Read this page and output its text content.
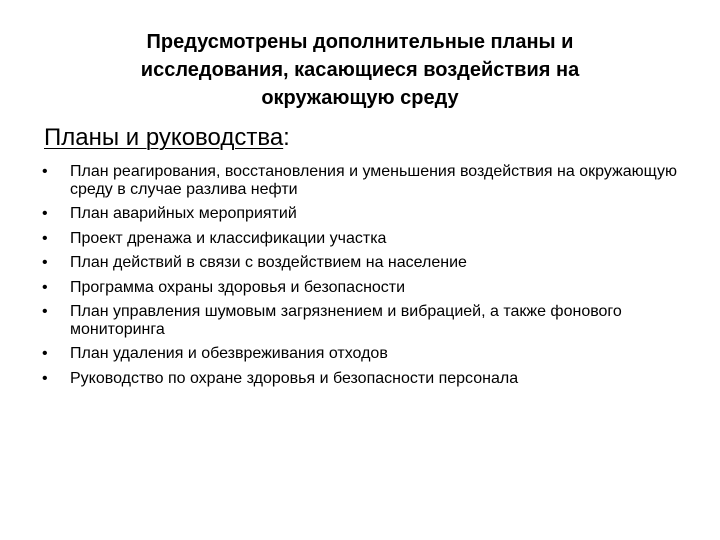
Предусмотрены дополнительные планы и
исследования, касающиеся воздействия на
окружающую среду
Планы и руководства:
• План реагирования, восстановления и уменьшения воздействия на окружающую среду в случае разлива нефти
• План аварийных мероприятий
• Проект дренажа и классификации участка
• План действий в связи с воздействием на население
• Программа охраны здоровья и безопасности
• План управления шумовым загрязнением и вибрацией, а также фонового мониторинга
• План удаления и обезвреживания отходов
• Руководство по охране здоровья и безопасности персонала
